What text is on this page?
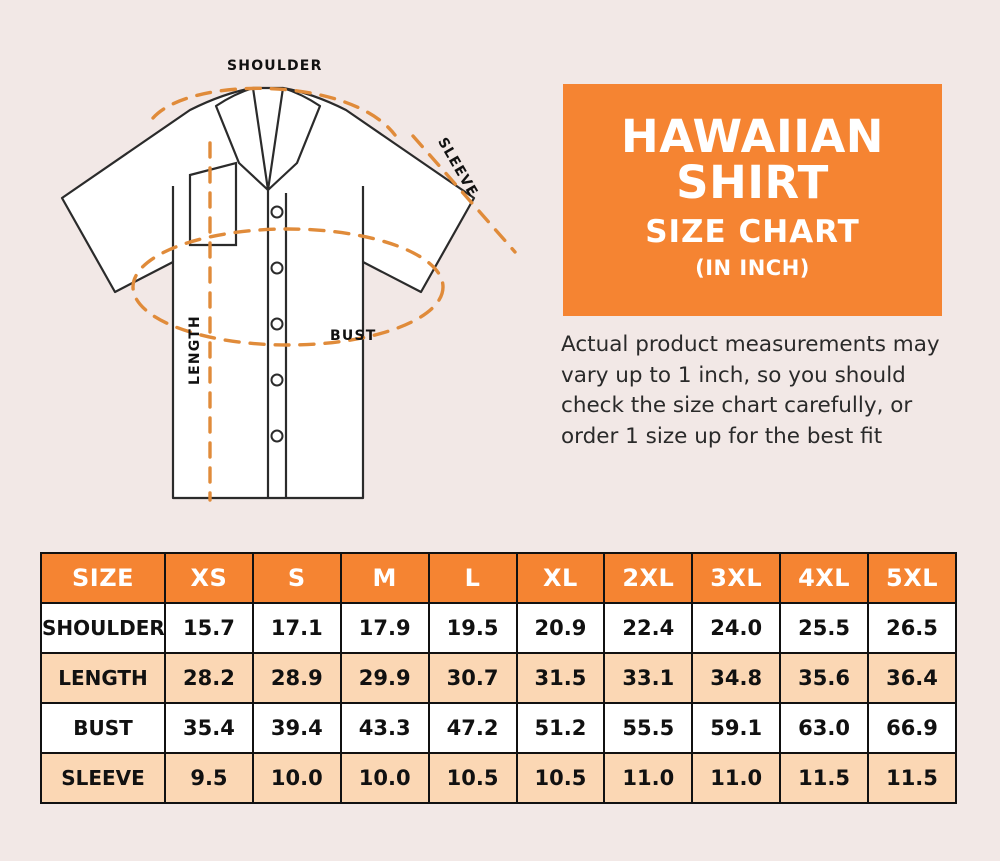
SHOULDER
SLEEVE
BUST
LENGTH
HAWAIIAN
SHIRT
SIZE CHART
(IN INCH)
Actual product measurements may vary up to 1 inch, so you should check the size chart carefully, or order 1 size up for the best fit
SIZE	XS	S	M	L	XL	2XL	3XL	4XL	5XL
SHOULDER	15.7	17.1	17.9	19.5	20.9	22.4	24.0	25.5	26.5
LENGTH	28.2	28.9	29.9	30.7	31.5	33.1	34.8	35.6	36.4
BUST	35.4	39.4	43.3	47.2	51.2	55.5	59.1	63.0	66.9
SLEEVE	9.5	10.0	10.0	10.5	10.5	11.0	11.0	11.5	11.5
